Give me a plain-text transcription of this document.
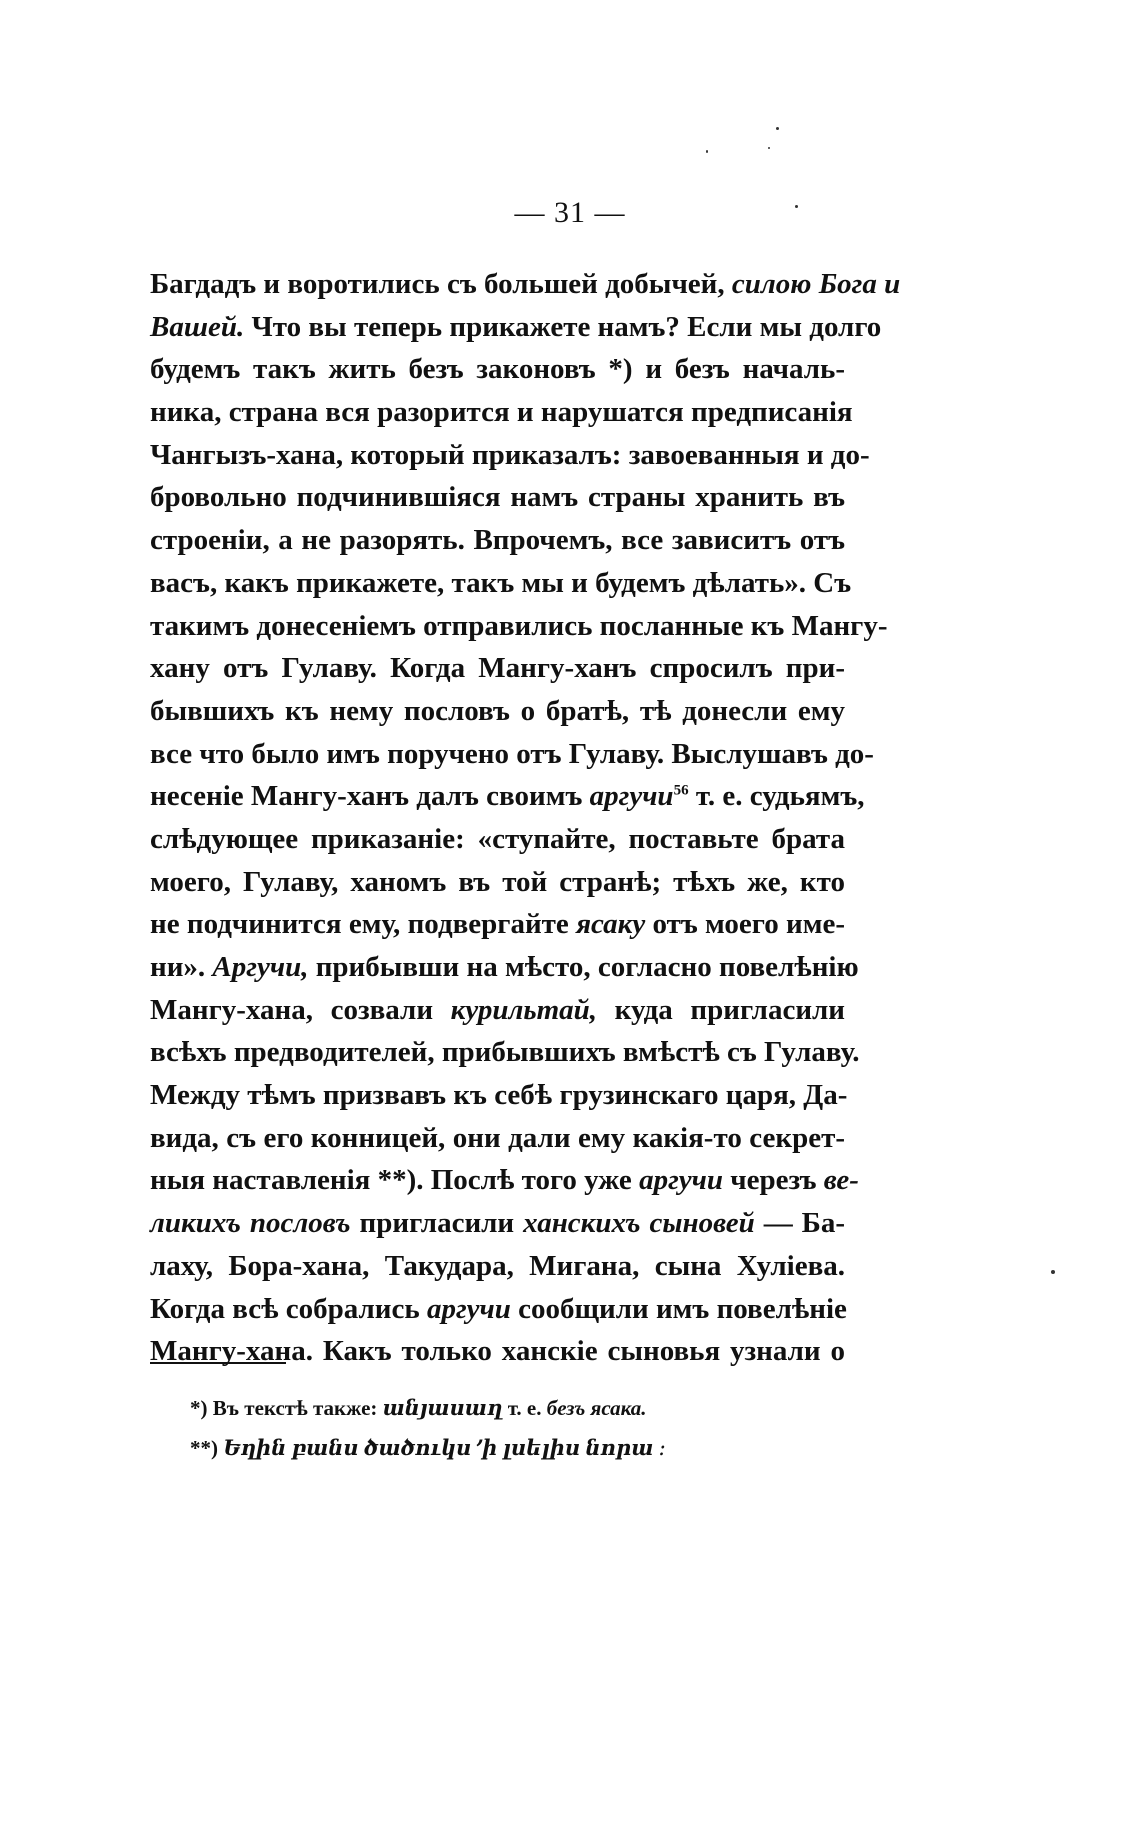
— 31 —
Багдадъ и воротились съ большей добычей, силою Бога и
Вашей. Что вы теперь прикажете намъ? Если мы долго
будемъ такъ жить безъ законовъ *) и безъ началь-
ника, страна вся разорится и нарушатся предписанія
Чангызъ-хана, который приказалъ: завоеванныя и до-
бровольно подчинившіяся намъ страны хранить въ
строеніи, а не разорять. Впрочемъ, все зависитъ отъ
васъ, какъ прикажете, такъ мы и будемъ дѣлать». Съ
такимъ донесеніемъ отправились посланные къ Мангу-
хану отъ Гулаву. Когда Мангу-ханъ спросилъ при-
бывшихъ къ нему пословъ о братѣ, тѣ донесли ему
все что было имъ поручено отъ Гулаву. Выслушавъ до-
несеніе Мангу-ханъ далъ своимъ аргучи$^{56}$ т. е. судьямъ,
слѣдующее приказаніе: «ступайте, поставьте брата
моего, Гулаву, ханомъ въ той странѣ; тѣхъ же, кто
не подчинится ему, подвергайте ясаку отъ моего име-
ни». Аргучи, прибывши на мѣсто, согласно повелѣнію
Мангу-хана, созвали курильтай, куда пригласили
всѣхъ предводителей, прибывшихъ вмѣстѣ съ Гулаву.
Между тѣмъ призвавъ къ себѣ грузинскаго царя, Да-
вида, съ его конницей, они дали ему какія-то секрет-
ныя наставленія **). Послѣ того уже аргучи черезъ ве-
ликихъ пословъ пригласили ханскихъ сыновей — Ба-
лаху, Бора-хана, Такудара, Мигана, сына Хуліева.
Когда всѣ собрались аргучи сообщили имъ повелѣніе
Мангу-хана. Какъ только ханскіе сыновья узнали о
*) Въ текстѣ также: անյասաղ т. е. безъ ясака.
**) Եղին բանս ծածուկս ՚ի լսելիս նորա ։
